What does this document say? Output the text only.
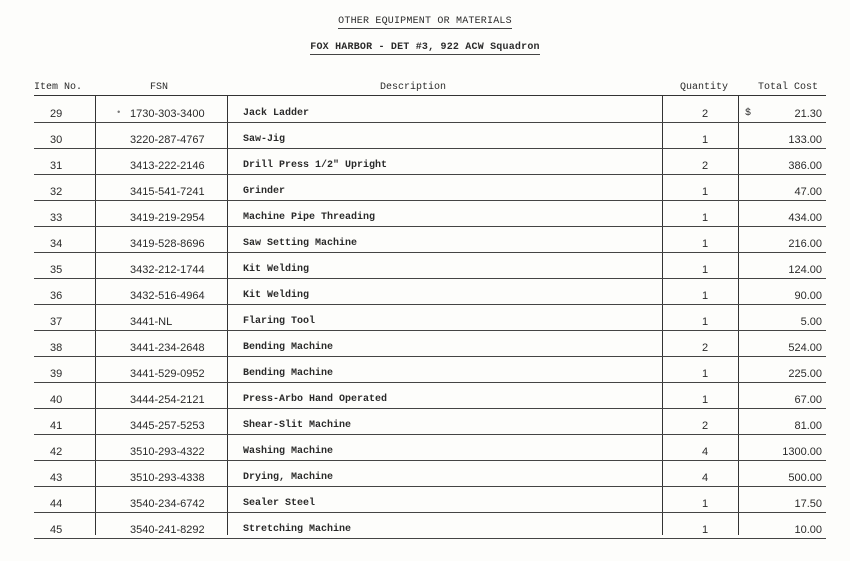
OTHER EQUIPMENT OR MATERIALS
FOX HARBOR - DET #3, 922 ACW Squadron
Item No.	FSN	Description	Quantity	Total Cost
29	1730-303-3400	Jack Ladder	2	21.30
$
•
30	3220-287-4767	Saw-Jig	1	133.00
31	3413-222-2146	Drill Press 1/2" Upright	2	386.00
32	3415-541-7241	Grinder	1	47.00
33	3419-219-2954	Machine Pipe Threading	1	434.00
34	3419-528-8696	Saw Setting Machine	1	216.00
35	3432-212-1744	Kit Welding	1	124.00
36	3432-516-4964	Kit Welding	1	90.00
37	3441-NL	Flaring Tool	1	5.00
38	3441-234-2648	Bending Machine	2	524.00
39	3441-529-0952	Bending Machine	1	225.00
40	3444-254-2121	Press-Arbo Hand Operated	1	67.00
41	3445-257-5253	Shear-Slit Machine	2	81.00
42	3510-293-4322	Washing Machine	4	1300.00
43	3510-293-4338	Drying, Machine	4	500.00
44	3540-234-6742	Sealer Steel	1	17.50
45	3540-241-8292	Stretching Machine	1	10.00
